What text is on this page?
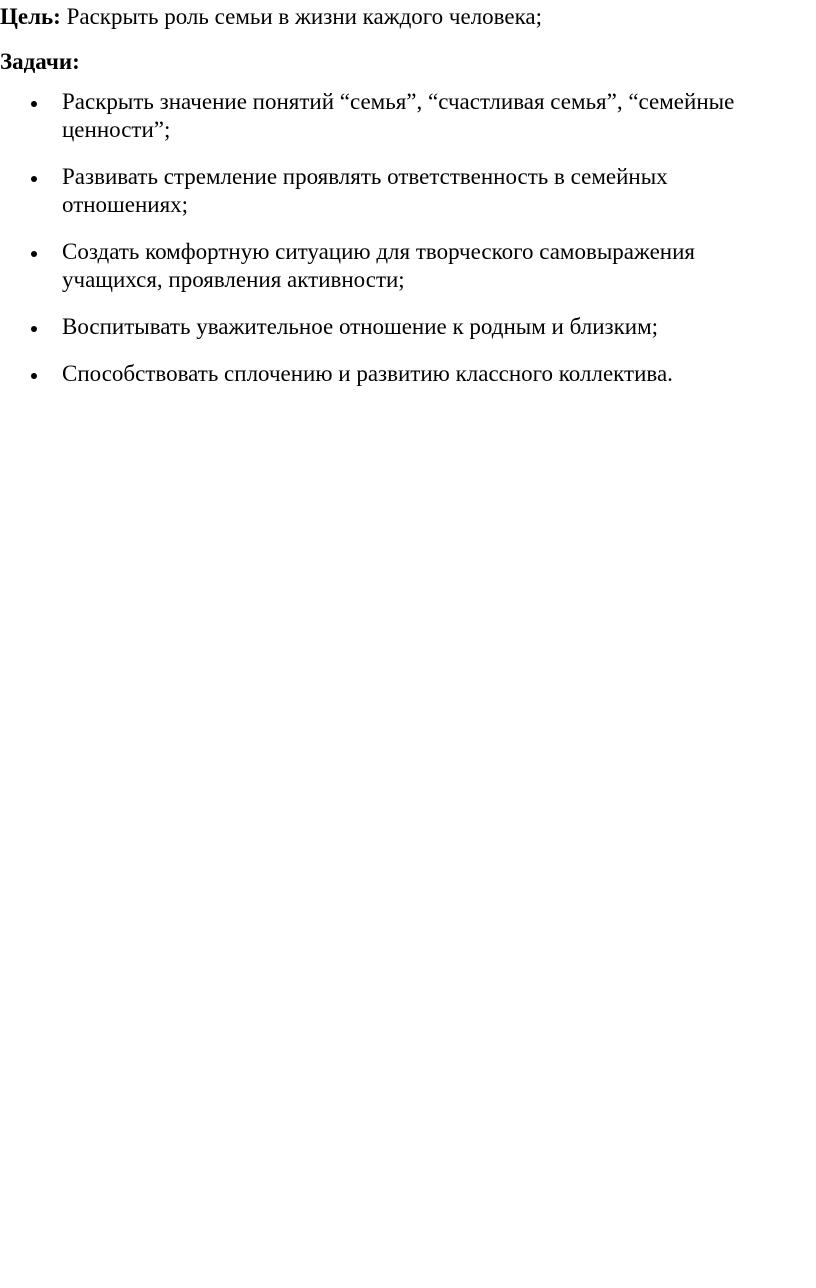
Цель: Раскрыть роль семьи в жизни каждого человека;

Задачи:

Раскрыть значение понятий “семья”, “счастливая семья”, “семейные ценности”;
Развивать стремление проявлять ответственность в семейных отношениях;
Создать комфортную ситуацию для творческого самовыражения учащихся, проявления активности;
Воспитывать уважительное отношение к родным и близким;
Способствовать сплочению и развитию классного коллектива.
